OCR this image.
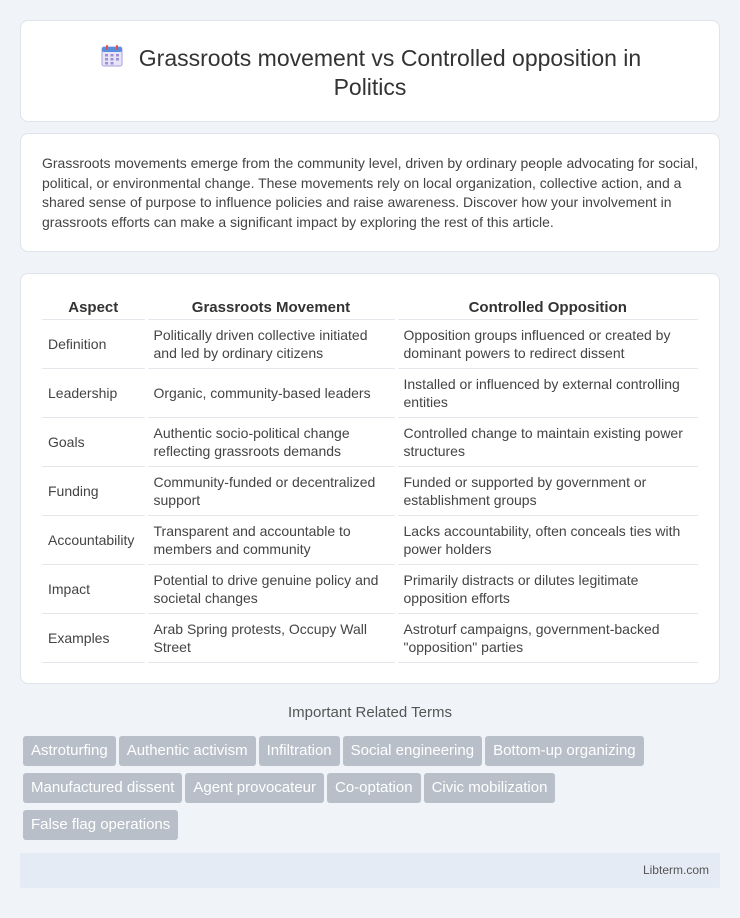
Grassroots movement vs Controlled opposition in Politics

Grassroots movements emerge from the community level, driven by ordinary people advocating for social, political, or environmental change. These movements rely on local organization, collective action, and a shared sense of purpose to influence policies and raise awareness. Discover how your involvement in grassroots efforts can make a significant impact by exploring the rest of this article.

Aspect	Grassroots Movement	Controlled Opposition
Definition	Politically driven collective initiated and led by ordinary citizens	Opposition groups influenced or created by dominant powers to redirect dissent
Leadership	Organic, community-based leaders	Installed or influenced by external controlling entities
Goals	Authentic socio-political change reflecting grassroots demands	Controlled change to maintain existing power structures
Funding	Community-funded or decentralized support	Funded or supported by government or establishment groups
Accountability	Transparent and accountable to members and community	Lacks accountability, often conceals ties with power holders
Impact	Potential to drive genuine policy and societal changes	Primarily distracts or dilutes legitimate opposition efforts
Examples	Arab Spring protests, Occupy Wall Street	Astroturf campaigns, government-backed "opposition" parties
Important Related Terms
Astroturfing Authentic activism Infiltration Social engineering Bottom-up organizingManufactured dissent Agent provocateur Co-optation Civic mobilizationFalse flag operations
Libterm.com
